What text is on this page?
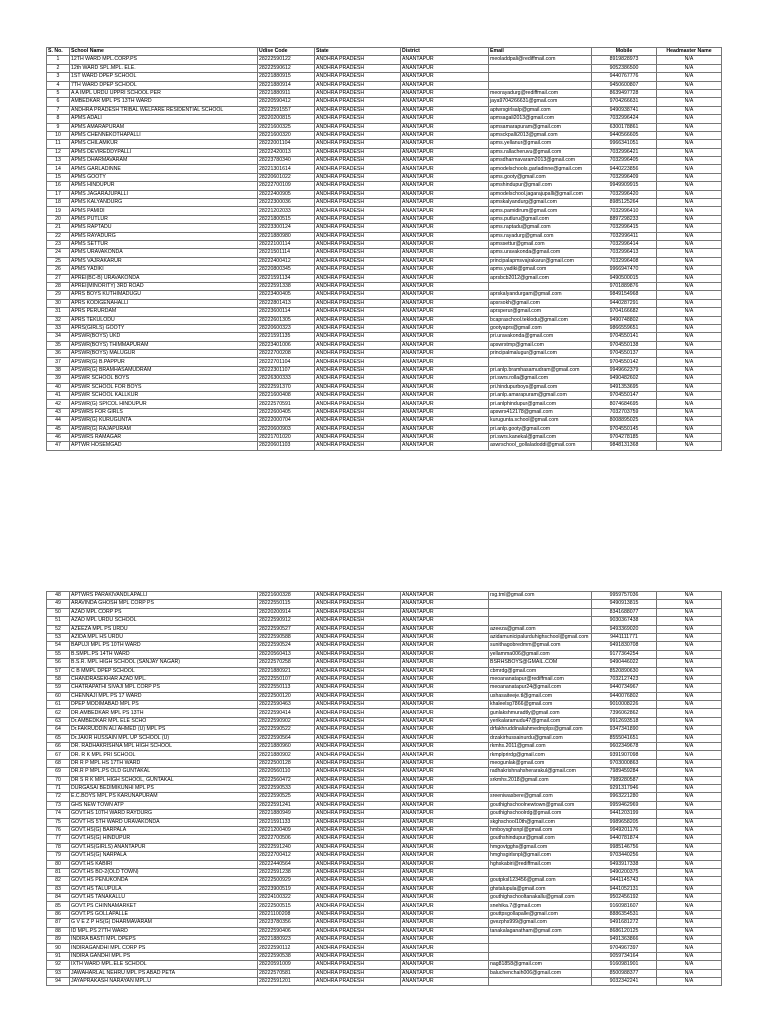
S. No.	School Name	Udise Code	State	District	Email	Mobile	Headmaster Name
1	12TH WARD MPL.CORP.PS	28222590122	ANDHRA PRADESH	ANANTAPUR	meoladdpali@rediffmail.com	8919828973	N/A
2	12th WARD SPL.MPL. ELE.	28222590612	ANDHRA PRADESH	ANANTAPUR		9052386500	N/A
3	1ST WARD DPEP SCHOOL	28221880915	ANDHRA PRADESH	ANANTAPUR		9440767776	N/A
4	7TH WARD DPEP SCHOOL	28221880914	ANDHRA PRADESH	ANANTAPUR		9450600807	N/A
5	A A IMPL URDU UPPRI SCHOOL PER	28221880911	ANDHRA PRADESH	ANANTAPUR	meorayadurg@rediffmail.com	8639497728	N/A
6	AMBEDKAR MPL PS 13TH WARD	28220590412	ANDHRA PRADESH	ANANTAPUR	jaya9704266631@gmail.com	9704266631	N/A
7	ANDHRA PRADESH TRIBAL WELFARE RESIDENTIAL SCHOOL	28222591557	ANDHRA PRADESH	ANANTAPUR	aptwrsgirlsalp@gmail.com	9490938741	N/A
8	APMS ADALI	28220200815	ANDHRA PRADESH	ANANTAPUR	apmsagali2013@gmail.com	7032996424	N/A
9	APMS AMARAPURAM	28221600325	ANDHRA PRADESH	ANANTAPUR	apmsamarapuram@gmail.com	6300178861	N/A
10	APMS CHENNEKOTHAPALLI	28221600320	ANDHRA PRADESH	ANANTAPUR	apmsckpalli2013@gmail.com	9440566605	N/A
11	APMS CHILAMKUR	28222001104	ANDHRA PRADESH	ANANTAPUR	apms.yellanur@gmail.com	9966341051	N/A
12	APMS DEVIREDDYPALLI	28222420013	ANDHRA PRADESH	ANANTAPUR	apms.rallacheruvu@gmail.com	7032996421	N/A
13	APMS DHARMAVARAM	28223780340	ANDHRA PRADESH	ANANTAPUR	apmsdharmavaram2013@gmail.com	7032996405	N/A
14	APMS GARLADINNE	28221301614	ANDHRA PRADESH	ANANTAPUR	apmodelschools.garladinne@gmail.com	9440223856	N/A
15	APMS GOOTY	28220601022	ANDHRA PRADESH	ANANTAPUR	apms.gooty@gmail.com	7032996409	N/A
16	APMS HINDUPUR	28222700109	ANDHRA PRADESH	ANANTAPUR	apmshindupur@gmail.com	9949909915	N/A
17	APMS JAGARAJUPALLI	28222400905	ANDHRA PRADESH	ANANTAPUR	apmodelschool.jagarajupalli@gmail.com	7032996420	N/A
18	APMS KALYANDURG	28222300036	ANDHRA PRADESH	ANANTAPUR	apmskalyandurg@gmail.com	8985125264	N/A
19	APMS PAMIDI	28221202033	ANDHRA PRADESH	ANANTAPUR	apms.pamidirum@gmail.com	7032996410	N/A
20	APMS PUTLUR	28221800515	ANDHRA PRADESH	ANANTAPUR	apms.putluru@gmail.com	8897298233	N/A
21	APMS RAPTADU	28223300124	ANDHRA PRADESH	ANANTAPUR	apms.raptadu@gmail.com	7032996415	N/A
22	APMS RAYADURG	28221880980	ANDHRA PRADESH	ANANTAPUR	apms.rayadurg@gmail.com	7032996411	N/A
23	APMS SETTUR	28222100114	ANDHRA PRADESH	ANANTAPUR	apmssettur@gmail.com	7032996414	N/A
24	APMS URAVAKONDA	28221501114	ANDHRA PRADESH	ANANTAPUR	apms.uravakonda@gmail.com	7032996413	N/A
25	APMS VAJRAKARUR	28222400412	ANDHRA PRADESH	ANANTAPUR	principalapmsvajrakarur@gmail.com	7032996408	N/A
26	APMS YADIKI	28220800345	ANDHRA PRADESH	ANANTAPUR	apms.yadiki@gmail.com	9966947470	N/A
27	APREI(BC-B) URAVAKONDA	28221591134	ANDHRA PRADESH	ANANTAPUR	aprsbcb2012@gmail.com	9490500015	N/A
28	APREI(MINORITY) 3RD ROAD	28222591338	ANDHRA PRADESH	ANANTAPUR		9701889876	N/A
29	APRS BOYS KUTHIMADUGU	28223400405	ANDHRA PRADESH	ANANTAPUR	aprskalyandurgam@gmail.com	9849154968	N/A
30	APRS KODIGENAHALLI	28222801413	ANDHRA PRADESH	ANANTAPUR	apsrsokh@gmail.com	9440287291	N/A
31	APRS PERURDAM	28223600114	ANDHRA PRADESH	ANANTAPUR	aprsperur@gmail.com	9704166682	N/A
32	APRS TEKULODU	28222601305	ANDHRA PRADESH	ANANTAPUR	bcapraschool.teklodu@gmail.com	9490748802	N/A
33	APRS(GIRLS) GOOTY	28220600323	ANDHRA PRADESH	ANANTAPUR	gootyaprs@gmail.com	9866559651	N/A
34	APSWR(BOYS) UKD	28221591135	ANDHRA PRADESH	ANANTAPUR	pri.uravakonda@gmail.com	9704550141	N/A
35	APSWR(BOYS) THIMMAPURAM	28223401006	ANDHRA PRADESH	ANANTAPUR	apswrstmp@gmail.com	9704550138	N/A
36	APSWR(BOYS) MALUGUR	28222700208	ANDHRA PRADESH	ANANTAPUR	principalmalugur@gmail.com	9704550137	N/A
37	APSWR(G) B.PAPPUR	28222701104	ANDHRA PRADESH	ANANTAPUR		9704550142	N/A
38	APSWR(G) BRAMHASAMUDRAM	28222301107	ANDHRA PRADESH	ANANTAPUR	pri.anlp.bramhasamudram@gmail.com	9949662379	N/A
39	APSWR SCHOOL BOYS	28226300333	ANDHRA PRADESH	ANANTAPUR	pri.swrs.rolla@gmail.com	9490482602	N/A
40	APSWR SCHOOL FOR BOYS	28222591370	ANDHRA PRADESH	ANANTAPUR	pri.hindupurboys@gmail.com	9491353695	N/A
41	APSWR SCHOOL KALLKUR	28221600408	ANDHRA PRADESH	ANANTAPUR	pri.anlp.amarapuram@gmail.com	9704550147	N/A
42	APSWR(G) SPICOL HINDUPUR	28222570591	ANDHRA PRADESH	ANANTAPUR	pri.anlphindupur@gmail.com	8074684695	N/A
43	APSWRS FOR GIRLS	28222600405	ANDHRA PRADESH	ANANTAPUR	apswrs412178@gmail.com	7032703759	N/A
44	APSWR(G) KURUGUNTA	28222000704	ANDHRA PRADESH	ANANTAPUR	kurugunta.school@gmail.com	8008895025	N/A
45	APSWR(G) RAJAPURAM	28220600903	ANDHRA PRADESH	ANANTAPUR	pri.anlp.gooty@gmail.com	9704550145	N/A
46	APSWRS RAMAGAR	28221701020	ANDHRA PRADESH	ANANTAPUR	pri.swrs.kanekal@gmail.com	9704278185	N/A
47	APTWR HOSEMGAD	28220601103	ANDHRA PRADESH	ANANTAPUR	aswrschool_gollaladoddi@gmail.com	9848131368	N/A
48	APTWRS PARAKIVANDLAPALLI	28221600328	ANDHRA PRADESH	ANANTAPUR	rsg.tml@gmail.com	9959757036	N/A
49	ARAVINDA GHOSH MPL CORP PS	28222550115	ANDHRA PRADESH	ANANTAPUR		9490913815	N/A
50	AZAD MPL CORP PS	28220200914	ANDHRA PRADESH	ANANTAPUR		8341688077	N/A
51	AZAD MPL URDU SCHOOL	28222590912	ANDHRA PRADESH	ANANTAPUR		9030367438	N/A
52	AZEEZA MPL PS URDU	28222590527	ANDHRA PRADESH	ANANTAPUR	azeeza@gmail.com	9493369020	N/A
53	AZIDA MPL HS URDU	28222590588	ANDHRA PRADESH	ANANTAPUR	azidamunicipalurduhighschool@gmail.com	9441111771	N/A
54	BAPUJI MPL PS 10TH WARD	28222590524	ANDHRA PRADESH	ANANTAPUR	sunithagobredmm@gmail.com	9491830708	N/A
55	B.SMPL.PS 14TH WARD	28220560413	ANDHRA PRADESH	ANANTAPUR	yellamma006@gmail.com	9177364254	N/A
56	B.S.R. MPL HIGH SCHOOL (SANJAY NAGAR)	28222570258	ANDHRA PRADESH	ANANTAPUR	BSRHSBOYS@GMAIL.COM	9490446022	N/A
57	C B MMPL DPEP SCHOOL	28221880921	ANDHRA PRADESH	ANANTAPUR	cbmrdg@gmail.com	8520890630	N/A
58	CHANDRASEKHAR AZAD MPL.	28222550107	ANDHRA PRADESH	ANANTAPUR	meoananatapur@rediffmail.com	7032127423	N/A
59	CHATRAPATHI SIVAJI MPL CORP PS	28222550113	ANDHRA PRADESH	ANANTAPUR	meoananatapur24@gmail.com	9440734967	N/A
60	CHENNAJI MPL PS 17 WARD	28222500120	ANDHRA PRADESH	ANANTAPUR	ushasaiteeje.tl@gmail.com	9440076802	N/A
61	DPEP MODIMABAD MPL PS	28222590463	ANDHRA PRADESH	ANANTAPUR	khaleelsg7866@gmail.com	9010008226	N/A
62	DR.AMBEDKAR MPL PS 13TH	28222590414	ANDHRA PRADESH	ANANTAPUR	gunlakshmuradtly@gmail.com	7396062862	N/A
63	Dr.AMBEDKAR MPL ELE SCHO	28222590902	ANDHRA PRADESH	ANANTAPUR	yerikalaramudu47@gmail.com	9912693518	N/A
64	Dr.FAKRUDDIN ALI AHMED (U) MPL PS	28222590522	ANDHRA PRADESH	ANANTAPUR	drfakhruddinaliahmedmplps@gmail.com	9347341890	N/A
65	Dr.JAKIR HUSSAIN MPL UP SCHOOL (U)	28222590564	ANDHRA PRADESH	ANANTAPUR	drzakirhussainurdu@gmail.com	8555041651	N/A
66	DR. RADHAKRISHNA MPL HIGH SCHOOL	28221880960	ANDHRA PRADESH	ANANTAPUR	rkmhs.2011@gmail.com	9602349678	N/A
67	DR. R K MPL PRI SCHOOL	28221880902	ANDHRA PRADESH	ANANTAPUR	rkmplprirdg@gmail.com	9391907098	N/A
68	DR R P MPL HS 17TH WARD	28222500128	ANDHRA PRADESH	ANANTAPUR	meogunlak@gmail.com	9703000863	N/A
69	DR.R P MPL.PS OLD GUNTAKAL	28220560110	ANDHRA PRADESH	ANANTAPUR	radhakrishnahsherarakul@gmail.com	7989459284	N/A
70	DR S R K MPL HIGH SCHOOL, GUNTAKAL	28222560472	ANDHRA PRADESH	ANANTAPUR	srkmhs.2018@gmail.com	7989280587	N/A
71	DURGASAI BEDIMIKUNHI MPL PS	28222590533	ANDHRA PRADESH	ANANTAPUR		9291317946	N/A
72	E.C.BOYS MPL PS KARUNAPURAM	28222590525	ANDHRA PRADESH	ANANTAPUR	sreeniwasbere@gmail.com	9963221280	N/A
73	GHS NEW TOWN ATP	28222591241	ANDHRA PRADESH	ANANTAPUR	gouthighschoolnewtown@gmail.com	9959462969	N/A
74	GOVT.HS 10TH WARD RAYDURG	28221880949	ANDHRA PRADESH	ANANTAPUR	gouthighschoolrdg@gmail.com	9441203199	N/A
75	GOVT HS 5TH WARD URAVAKONDA	28221591133	ANDHRA PRADESH	ANANTAPUR	skghschool10th@gmail.com	9989658205	N/A
76	GOVT.HS(G) BARPALA	28221200409	ANDHRA PRADESH	ANANTAPUR	hmboysghsnpl@gmail.com	9949201176	N/A
77	GOVT.HS(G) HINDUPUR	28222700506	ANDHRA PRADESH	ANANTAPUR	gouthshindupur@gmail.com	9440781874	N/A
78	GOVT.HS(GIRLS) ANANTAPUR	28222591240	ANDHRA PRADESH	ANANTAPUR	hmgovtgghs@gmail.com	9985146756	N/A
79	GOVT.HS(G) NARPALA	28222700412	ANDHRA PRADESH	ANANTAPUR	hmghsgirlsnpl@gmail.com	9703440256	N/A
80	GOVT.HS KABIRI	28222440564	ANDHRA PRADESH	ANANTAPUR	hghskabiri@rediffmail.com	9493917338	N/A
81	GOVT.HS BO-2(OLD TOWN)	28222591238	ANDHRA PRADESH	ANANTAPUR		9490200375	N/A
82	GOVT.HS PENUKONDA	28222500929	ANDHRA PRADESH	ANANTAPUR	goutpksl123456@gmail.com	9441145743	N/A
83	GOVT.HS TALUPULA	28223900519	ANDHRA PRADESH	ANANTAPUR	ghstalupula@gmail.com	9441052131	N/A
84	GOVT.HS TANAKALLU	28224100322	ANDHRA PRADESH	ANANTAPUR	gouthighschooltanakallu@gmail.com	9502456192	N/A
85	GOVT.PS CHINNAMARKET	28222500515	ANDHRA PRADESH	ANANTAPUR	snehika.7@gmail.com	9160981607	N/A
86	GOVT.PS GOLLAPALLE	28221100208	ANDHRA PRADESH	ANANTAPUR	gouttpsgollapalle@gmail.com	8886354531	N/A
87	G V E Z P HS(G) DHARMAVARAM	28223780356	ANDHRA PRADESH	ANANTAPUR	gvezphs999@gmail.com	9491681272	N/A
88	ID MPL.PS 27TH WARD	28222590406	ANDHRA PRADESH	ANANTAPUR	tanakalaganatham@gmail.com	8686120125	N/A
89	INDIRA BASTI MPL DPEPS	28221880923	ANDHRA PRADESH	ANANTAPUR		9491363866	N/A
90	INDIRAGANDHI MPL CORP PS	28222590112	ANDHRA PRADESH	ANANTAPUR		9704967397	N/A
91	INDIRA GANDHI MPL PS	28222590538	ANDHRA PRADESH	ANANTAPUR		9059734164	N/A
92	IXTH WARD MPL.ELE SCHOOL	28220591009	ANDHRA PRADESH	ANANTAPUR	nag81858@gmail.com	9160981901	N/A
93	JAWAHARLAL NEHRU MPL PS ABAD PETA	28222570581	ANDHRA PRADESH	ANANTAPUR	baluchenchaih006@gmail.com	8500988377	N/A
94	JAYAPRAKASH NARAYAN MPL.U	28222591201	ANDHRA PRADESH	ANANTAPUR		9032342241	N/A
